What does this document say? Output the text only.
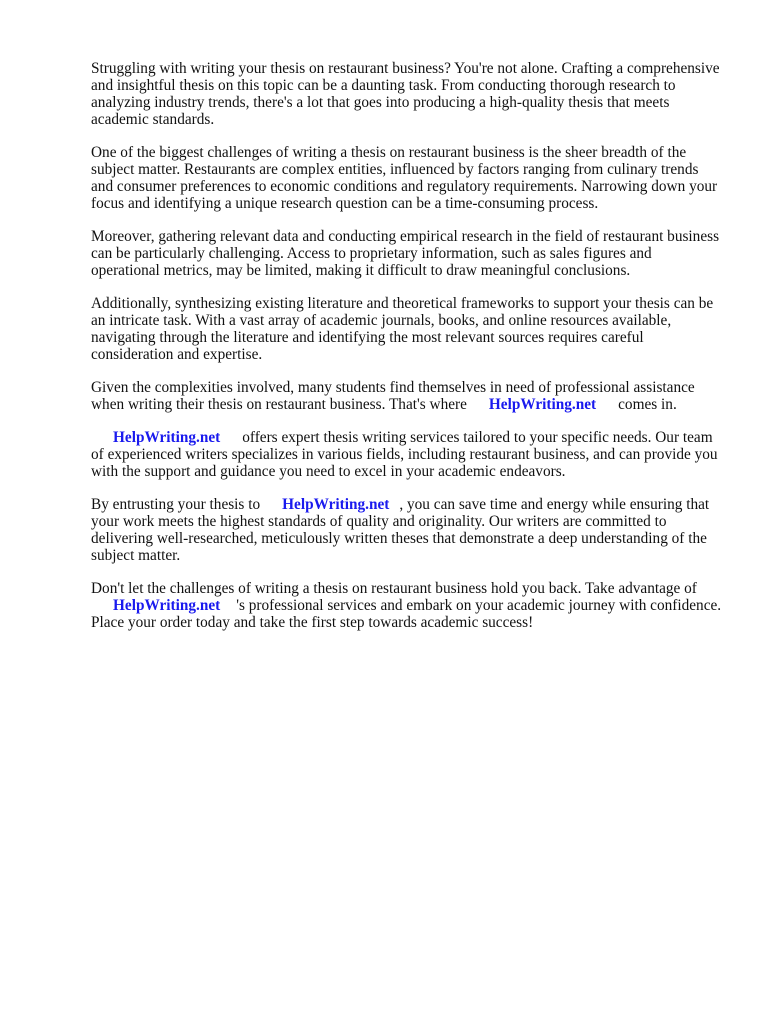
Struggling with writing your thesis on restaurant business? You're not alone. Crafting a comprehensive and insightful thesis on this topic can be a daunting task. From conducting thorough research to analyzing industry trends, there's a lot that goes into producing a high-quality thesis that meets academic standards.

One of the biggest challenges of writing a thesis on restaurant business is the sheer breadth of the subject matter. Restaurants are complex entities, influenced by factors ranging from culinary trends and consumer preferences to economic conditions and regulatory requirements. Narrowing down your focus and identifying a unique research question can be a time-consuming process.

Moreover, gathering relevant data and conducting empirical research in the field of restaurant business can be particularly challenging. Access to proprietary information, such as sales figures and operational metrics, may be limited, making it difficult to draw meaningful conclusions.

Additionally, synthesizing existing literature and theoretical frameworks to support your thesis can be an intricate task. With a vast array of academic journals, books, and online resources available, navigating through the literature and identifying the most relevant sources requires careful consideration and expertise.

Given the complexities involved, many students find themselves in need of professional assistance when writing their thesis on restaurant business. That's where HelpWriting.net comes in.

HelpWriting.net offers expert thesis writing services tailored to your specific needs. Our team of experienced writers specializes in various fields, including restaurant business, and can provide you with the support and guidance you need to excel in your academic endeavors.

By entrusting your thesis to HelpWriting.net , you can save time and energy while ensuring that your work meets the highest standards of quality and originality. Our writers are committed to delivering well-researched, meticulously written theses that demonstrate a deep understanding of the subject matter.

Don't let the challenges of writing a thesis on restaurant business hold you back. Take advantage of
HelpWriting.net 's professional services and embark on your academic journey with confidence. Place your order today and take the first step towards academic success!
